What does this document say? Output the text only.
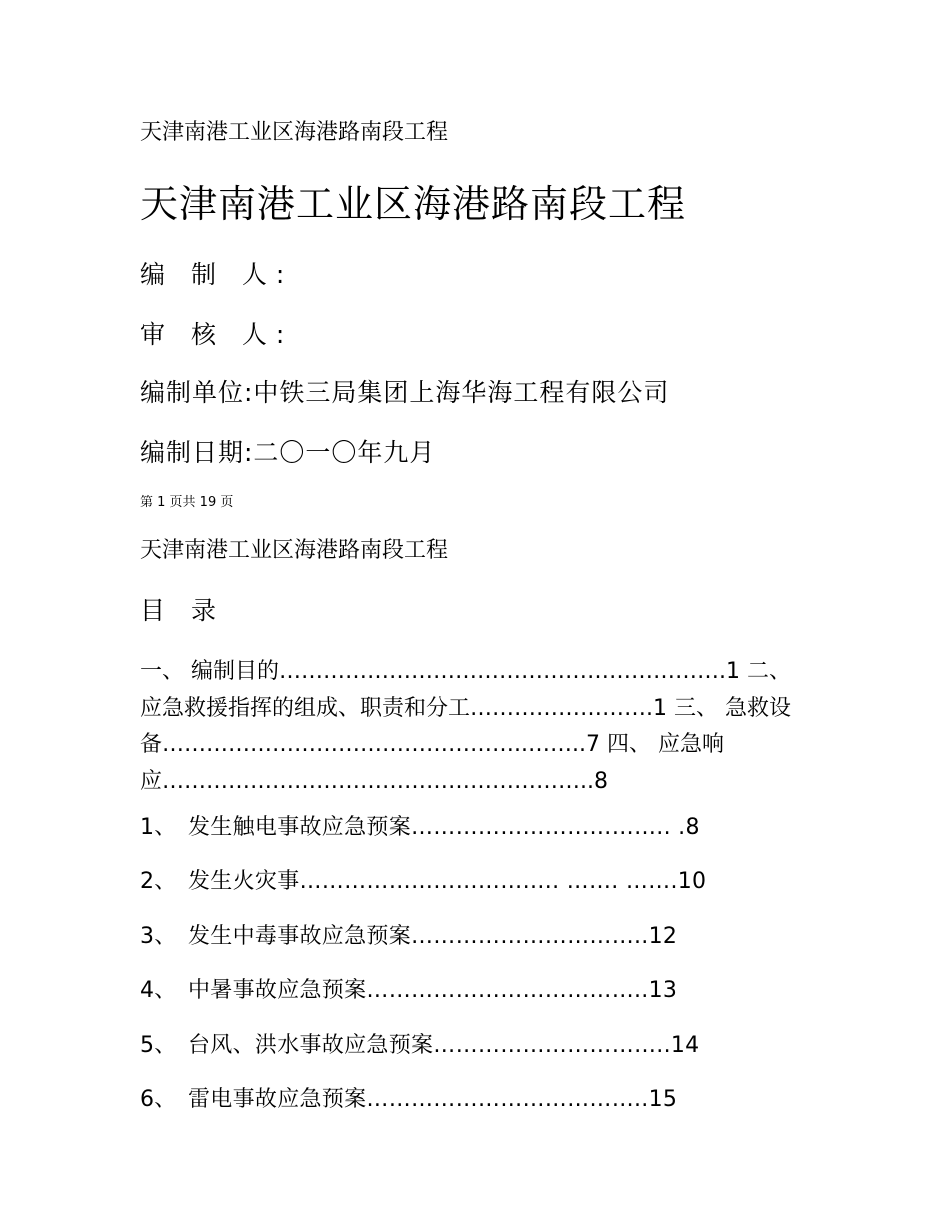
天津南港工业区海港路南段工程
天津南港工业区海港路南段工程
编 制 人:
审 核 人:
编制单位:中铁三局集团上海华海工程有限公司
编制日期:二〇一〇年九月
第 1 页共 19 页
天津南港工业区海港路南段工程
目 录

一、 编制目的…………………………………………………….1 二、 应急救援指挥的组成、职责和分工…………………….1 三、 急救设备…………………………………………..……..7 四、 应急响应…………………………………………………..8

1、 发生触电事故应急预案…………………………….. .8
2、 发生火灾事…………………………….. ……. …….10
3、 发生中毒事故应急预案…………………………..12
4、 中暑事故应急预案………………………………..13
5、 台风、洪水事故应急预案…………………………..14
6、 雷电事故应急预案………………………………..15
